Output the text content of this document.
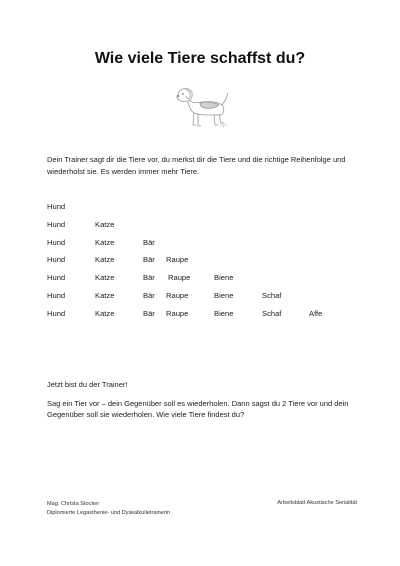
Wie viele Tiere schaffst du?
Dein Trainer sagt dir die Tiere vor, du merkst dir die Tiere und die richtige Reihenfolge und wiederholst sie. Es werden immer mehr Tiere.
Hund
Hund	Katze
Hund	Katze	Bär
Hund	Katze	Bär Raupe
Hund	Katze	Bär Raupe	Biene
Hund	Katze	Bär Raupe	Biene	Schaf
Hund	Katze	Bär Raupe	Biene	Schaf	Affe
Jetzt bist du der Trainer!
Sag ein Tier vor – dein Gegenüber soll es wiederholen. Dann sagst du 2 Tiere vor und dein Gegenüber soll sie wiederholen. Wie viele Tiere findest du?
Mag. Christa Stocker
Diplomierte Legasthenie- und Dyskalkulietrainerin
Arbeitsblatt Akustische Serialität
